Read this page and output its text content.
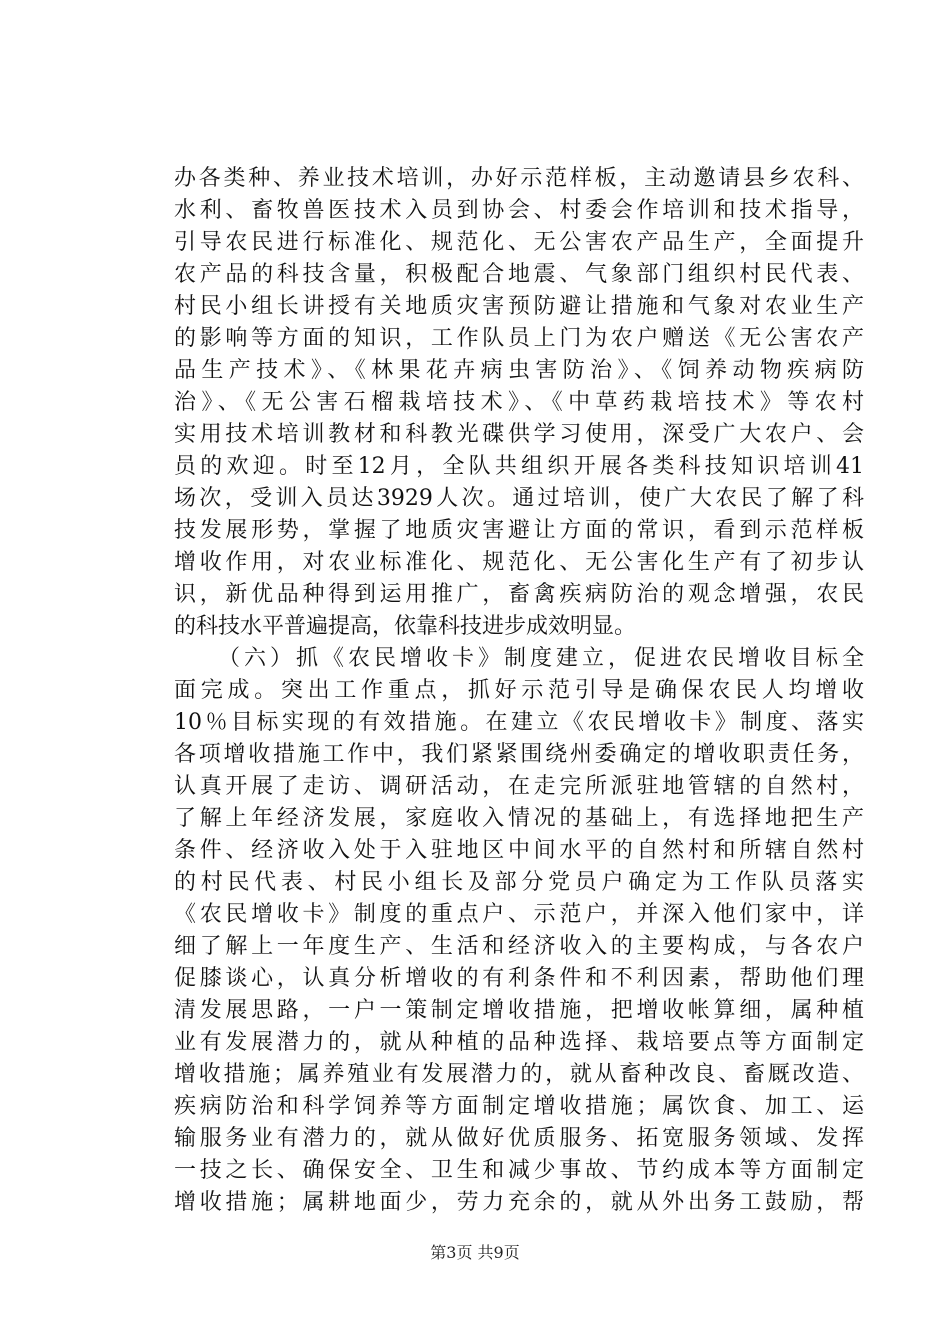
办各类种、养业技术培训，办好示范样板，主动邀请县乡农科、
水利、畜牧兽医技术入员到协会、村委会作培训和技术指导，
引导农民进行标准化、规范化、无公害农产品生产，全面提升
农产品的科技含量，积极配合地震、气象部门组织村民代表、
村民小组长讲授有关地质灾害预防避让措施和气象对农业生产
的影响等方面的知识，工作队员上门为农户赠送《无公害农产
品生产技术》、《林果花卉病虫害防治》、《饲养动物疾病防
治》、《无公害石榴栽培技术》、《中草药栽培技术》等农村
实用技术培训教材和科教光碟供学习使用，深受广大农户、会
员的欢迎。时至12月，全队共组织开展各类科技知识培训41
场次，受训入员达3929人次。通过培训，使广大农民了解了科
技发展形势，掌握了地质灾害避让方面的常识，看到示范样板
增收作用，对农业标准化、规范化、无公害化生产有了初步认
识，新优品种得到运用推广，畜禽疾病防治的观念增强，农民
的科技水平普遍提高，依靠科技进步成效明显。
（六）抓《农民增收卡》制度建立，促进农民增收目标全
面完成。突出工作重点，抓好示范引导是确保农民人均增收
10％目标实现的有效措施。在建立《农民增收卡》制度、落实
各项增收措施工作中，我们紧紧围绕州委确定的增收职责任务，
认真开展了走访、调研活动，在走完所派驻地管辖的自然村，
了解上年经济发展，家庭收入情况的基础上，有选择地把生产
条件、经济收入处于入驻地区中间水平的自然村和所辖自然村
的村民代表、村民小组长及部分党员户确定为工作队员落实
《农民增收卡》制度的重点户、示范户，并深入他们家中，详
细了解上一年度生产、生活和经济收入的主要构成，与各农户
促膝谈心，认真分析增收的有利条件和不利因素，帮助他们理
清发展思路，一户一策制定增收措施，把增收帐算细，属种植
业有发展潜力的，就从种植的品种选择、栽培要点等方面制定
增收措施；属养殖业有发展潜力的，就从畜种改良、畜厩改造、
疾病防治和科学饲养等方面制定增收措施；属饮食、加工、运
输服务业有潜力的，就从做好优质服务、拓宽服务领域、发挥
一技之长、确保安全、卫生和减少事故、节约成本等方面制定
增收措施；属耕地面少，劳力充余的，就从外出务工鼓励，帮
第3页 共9页
